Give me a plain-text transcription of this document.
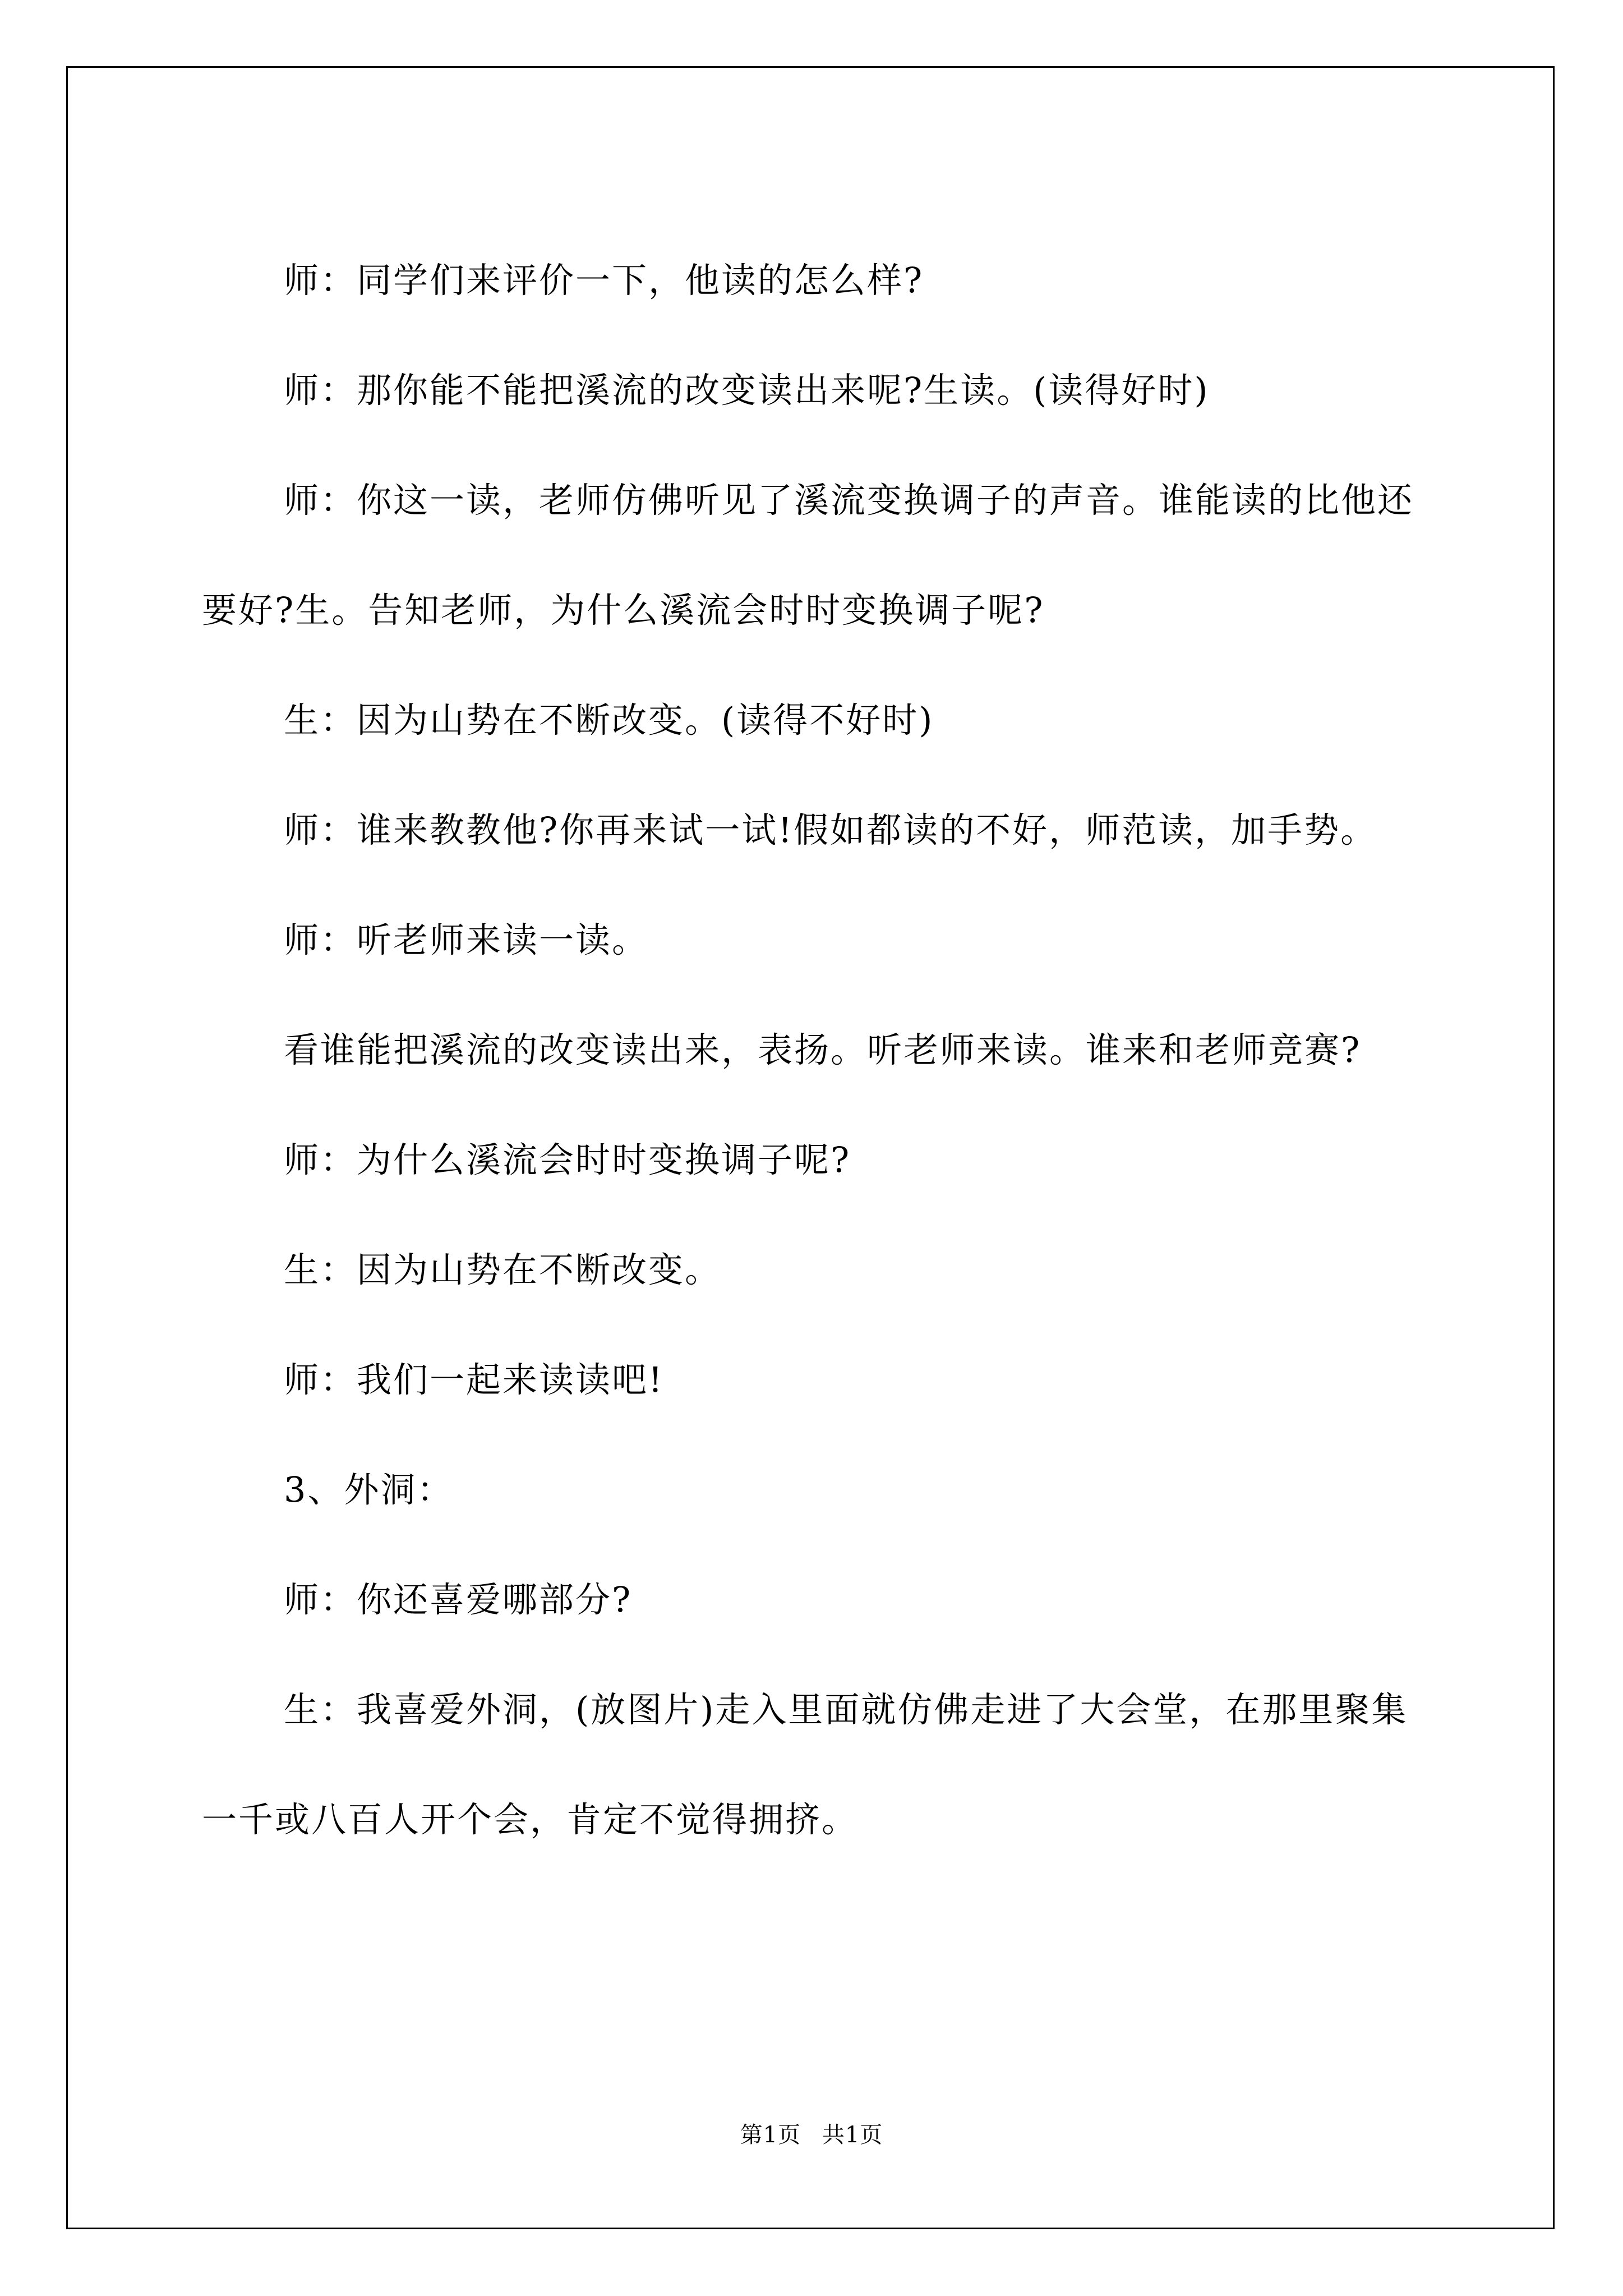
师：同学们来评价一下，他读的怎么样?

师：那你能不能把溪流的改变读出来呢?生读。(读得好时)

师：你这一读，老师仿佛听见了溪流变换调子的声音。谁能读的比他还要好?生。告知老师，为什么溪流会时时变换调子呢?

生：因为山势在不断改变。(读得不好时)

师：谁来教教他?你再来试一试!假如都读的不好，师范读，加手势。

师：听老师来读一读。

看谁能把溪流的改变读出来，表扬。听老师来读。谁来和老师竞赛?

师：为什么溪流会时时变换调子呢?

生：因为山势在不断改变。

师：我们一起来读读吧!

3、外洞：

师：你还喜爱哪部分?

生：我喜爱外洞，(放图片)走入里面就仿佛走进了大会堂，在那里聚集一千或八百人开个会，肯定不觉得拥挤。

第1页 共1页
